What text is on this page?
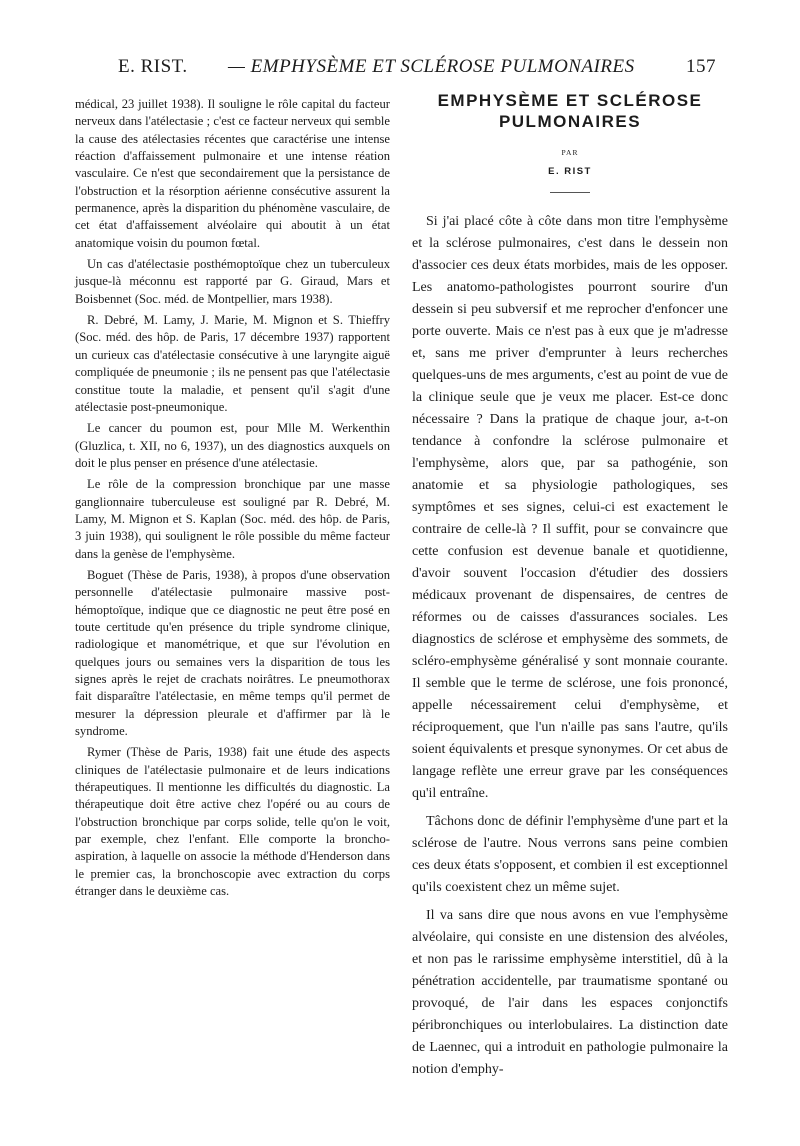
E. RIST. — EMPHYSÈME ET SCLÉROSE PULMONAIRES	157

médical, 23 juillet 1938). Il souligne le rôle capital du facteur nerveux dans l'atélectasie ; c'est ce facteur nerveux qui semble la cause des atélectasies récentes que caractérise une intense réaction d'affaissement pulmonaire et une intense réation vasculaire. Ce n'est que secondairement que la persistance de l'obstruction et la résorption aérienne consécutive assurent la permanence, après la disparition du phénomène vasculaire, de cet état d'affaissement alvéolaire qui aboutit à un état anatomique voisin du poumon fœtal.

Un cas d'atélectasie posthémoptoïque chez un tuberculeux jusque-là méconnu est rapporté par G. Giraud, Mars et Boisbennet (Soc. méd. de Montpellier, mars 1938).

R. Debré, M. Lamy, J. Marie, M. Mignon et S. Thieffry (Soc. méd. des hôp. de Paris, 17 décembre 1937) rapportent un curieux cas d'atélectasie consécutive à une laryngite aiguë compliquée de pneumonie ; ils ne pensent pas que l'atélectasie constitue toute la maladie, et pensent qu'il s'agit d'une atélectasie post-pneumonique.

Le cancer du poumon est, pour Mlle M. Werkenthin (Gluzlica, t. XII, no 6, 1937), un des diagnostics auxquels on doit le plus penser en présence d'une atélectasie.

Le rôle de la compression bronchique par une masse ganglionnaire tuberculeuse est souligné par R. Debré, M. Lamy, M. Mignon et S. Kaplan (Soc. méd. des hôp. de Paris, 3 juin 1938), qui soulignent le rôle possible du même facteur dans la genèse de l'emphysème.

Boguet (Thèse de Paris, 1938), à propos d'une observation personnelle d'atélectasie pulmonaire massive post-hémoptoïque, indique que ce diagnostic ne peut être posé en toute certitude qu'en présence du triple syndrome clinique, radiologique et manométrique, et que sur l'évolution en quelques jours ou semaines vers la disparition de tous les signes après le rejet de crachats noirâtres. Le pneumothorax fait disparaître l'atélectasie, en même temps qu'il permet de mesurer la dépression pleurale et d'affirmer par là le syndrome.

Rymer (Thèse de Paris, 1938) fait une étude des aspects cliniques de l'atélectasie pulmonaire et de leurs indications thérapeutiques. Il mentionne les difficultés du diagnostic. La thérapeutique doit être active chez l'opéré ou au cours de l'obstruction bronchique par corps solide, telle qu'on le voit, par exemple, chez l'enfant. Elle comporte la broncho-aspiration, à laquelle on associe la méthode d'Henderson dans le premier cas, la bronchoscopie avec extraction du corps étranger dans le deuxième cas.

EMPHYSÈME ET SCLÉROSE
PULMONAIRES
PAR
E. RIST

Si j'ai placé côte à côte dans mon titre l'emphysème et la sclérose pulmonaires, c'est dans le dessein non d'associer ces deux états morbides, mais de les opposer. Les anatomo-pathologistes pourront sourire d'un dessein si peu subversif et me reprocher d'enfoncer une porte ouverte. Mais ce n'est pas à eux que je m'adresse et, sans me priver d'emprunter à leurs recherches quelques-uns de mes arguments, c'est au point de vue de la clinique seule que je veux me placer. Est-ce donc nécessaire ? Dans la pratique de chaque jour, a-t-on tendance à confondre la sclérose pulmonaire et l'emphysème, alors que, par sa pathogénie, son anatomie et sa physiologie pathologiques, ses symptômes et ses signes, celui-ci est exactement le contraire de celle-là ? Il suffit, pour se convaincre que cette confusion est devenue banale et quotidienne, d'avoir souvent l'occasion d'étudier des dossiers médicaux provenant de dispensaires, de centres de réformes ou de caisses d'assurances sociales. Les diagnostics de sclérose et emphysème des sommets, de scléro-emphysème généralisé y sont monnaie courante. Il semble que le terme de sclérose, une fois prononcé, appelle nécessairement celui d'emphysème, et réciproquement, que l'un n'aille pas sans l'autre, qu'ils soient équivalents et presque synonymes. Or cet abus de langage reflète une erreur grave par les conséquences qu'il entraîne.

Tâchons donc de définir l'emphysème d'une part et la sclérose de l'autre. Nous verrons sans peine combien ces deux états s'opposent, et combien il est exceptionnel qu'ils coexistent chez un même sujet.

Il va sans dire que nous avons en vue l'emphysème alvéolaire, qui consiste en une distension des alvéoles, et non pas le rarissime emphysème interstitiel, dû à la pénétration accidentelle, par traumatisme spontané ou provoqué, de l'air dans les espaces conjonctifs péribronchiques ou interlobulaires. La distinction date de Laennec, qui a introduit en pathologie pulmonaire la notion d'emphy-
